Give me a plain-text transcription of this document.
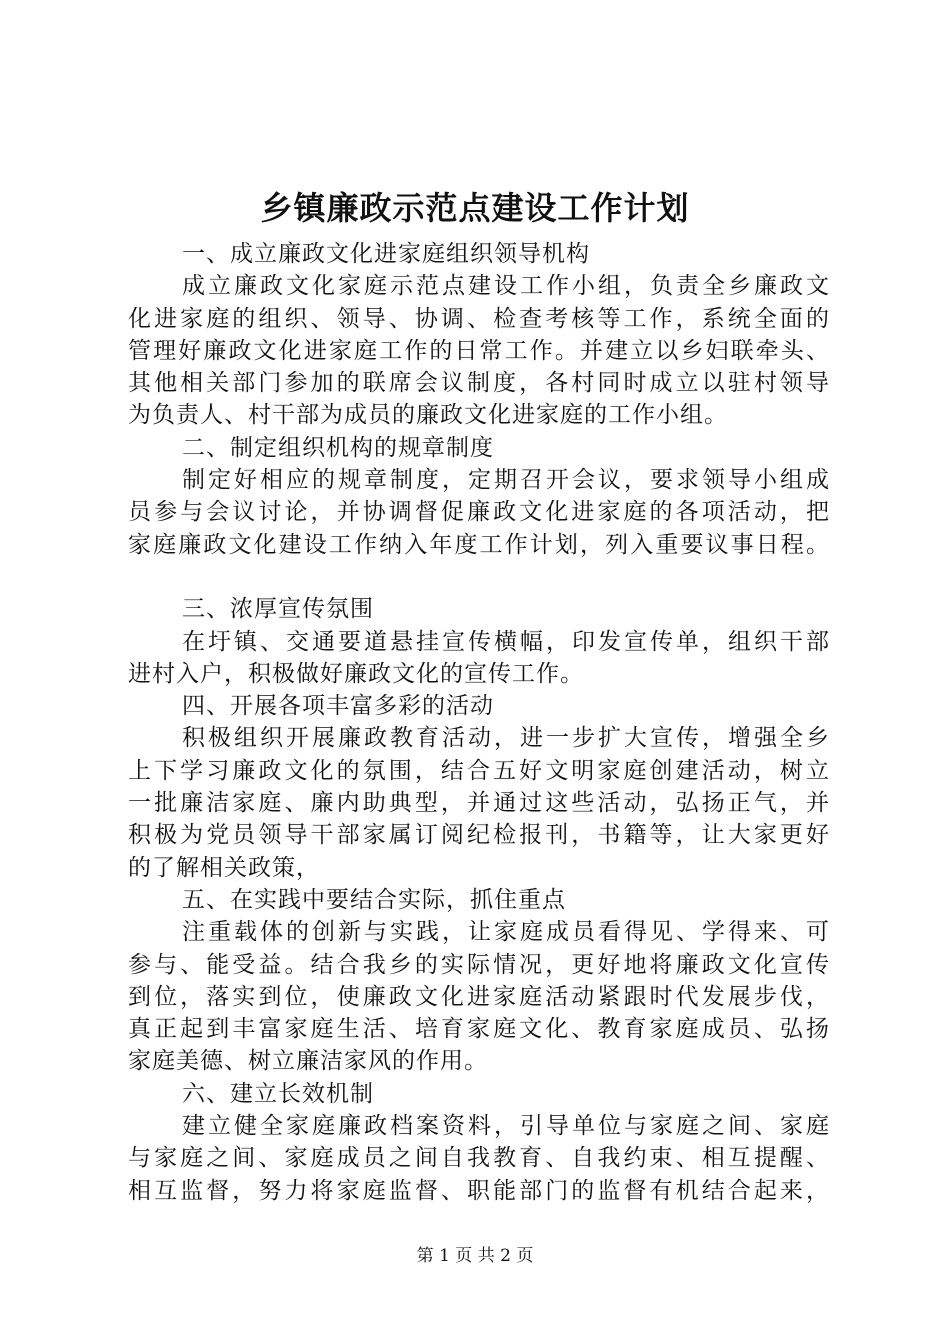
乡镇廉政示范点建设工作计划
一、成立廉政文化进家庭组织领导机构
成立廉政文化家庭示范点建设工作小组，负责全乡廉政文
化进家庭的组织、领导、协调、检查考核等工作，系统全面的
管理好廉政文化进家庭工作的日常工作。并建立以乡妇联牵头、
其他相关部门参加的联席会议制度，各村同时成立以驻村领导
为负责人、村干部为成员的廉政文化进家庭的工作小组。
二、制定组织机构的规章制度
制定好相应的规章制度，定期召开会议，要求领导小组成
员参与会议讨论，并协调督促廉政文化进家庭的各项活动，把
家庭廉政文化建设工作纳入年度工作计划，列入重要议事日程。
三、浓厚宣传氛围
在圩镇、交通要道悬挂宣传横幅，印发宣传单，组织干部
进村入户，积极做好廉政文化的宣传工作。
四、开展各项丰富多彩的活动
积极组织开展廉政教育活动，进一步扩大宣传，增强全乡
上下学习廉政文化的氛围，结合五好文明家庭创建活动，树立
一批廉洁家庭、廉内助典型，并通过这些活动，弘扬正气，并
积极为党员领导干部家属订阅纪检报刊，书籍等，让大家更好
的了解相关政策，
五、在实践中要结合实际，抓住重点
注重载体的创新与实践，让家庭成员看得见、学得来、可
参与、能受益。结合我乡的实际情况，更好地将廉政文化宣传
到位，落实到位，使廉政文化进家庭活动紧跟时代发展步伐，
真正起到丰富家庭生活、培育家庭文化、教育家庭成员、弘扬
家庭美德、树立廉洁家风的作用。
六、建立长效机制
建立健全家庭廉政档案资料，引导单位与家庭之间、家庭
与家庭之间、家庭成员之间自我教育、自我约束、相互提醒、
相互监督，努力将家庭监督、职能部门的监督有机结合起来，
第 1 页 共 2 页
